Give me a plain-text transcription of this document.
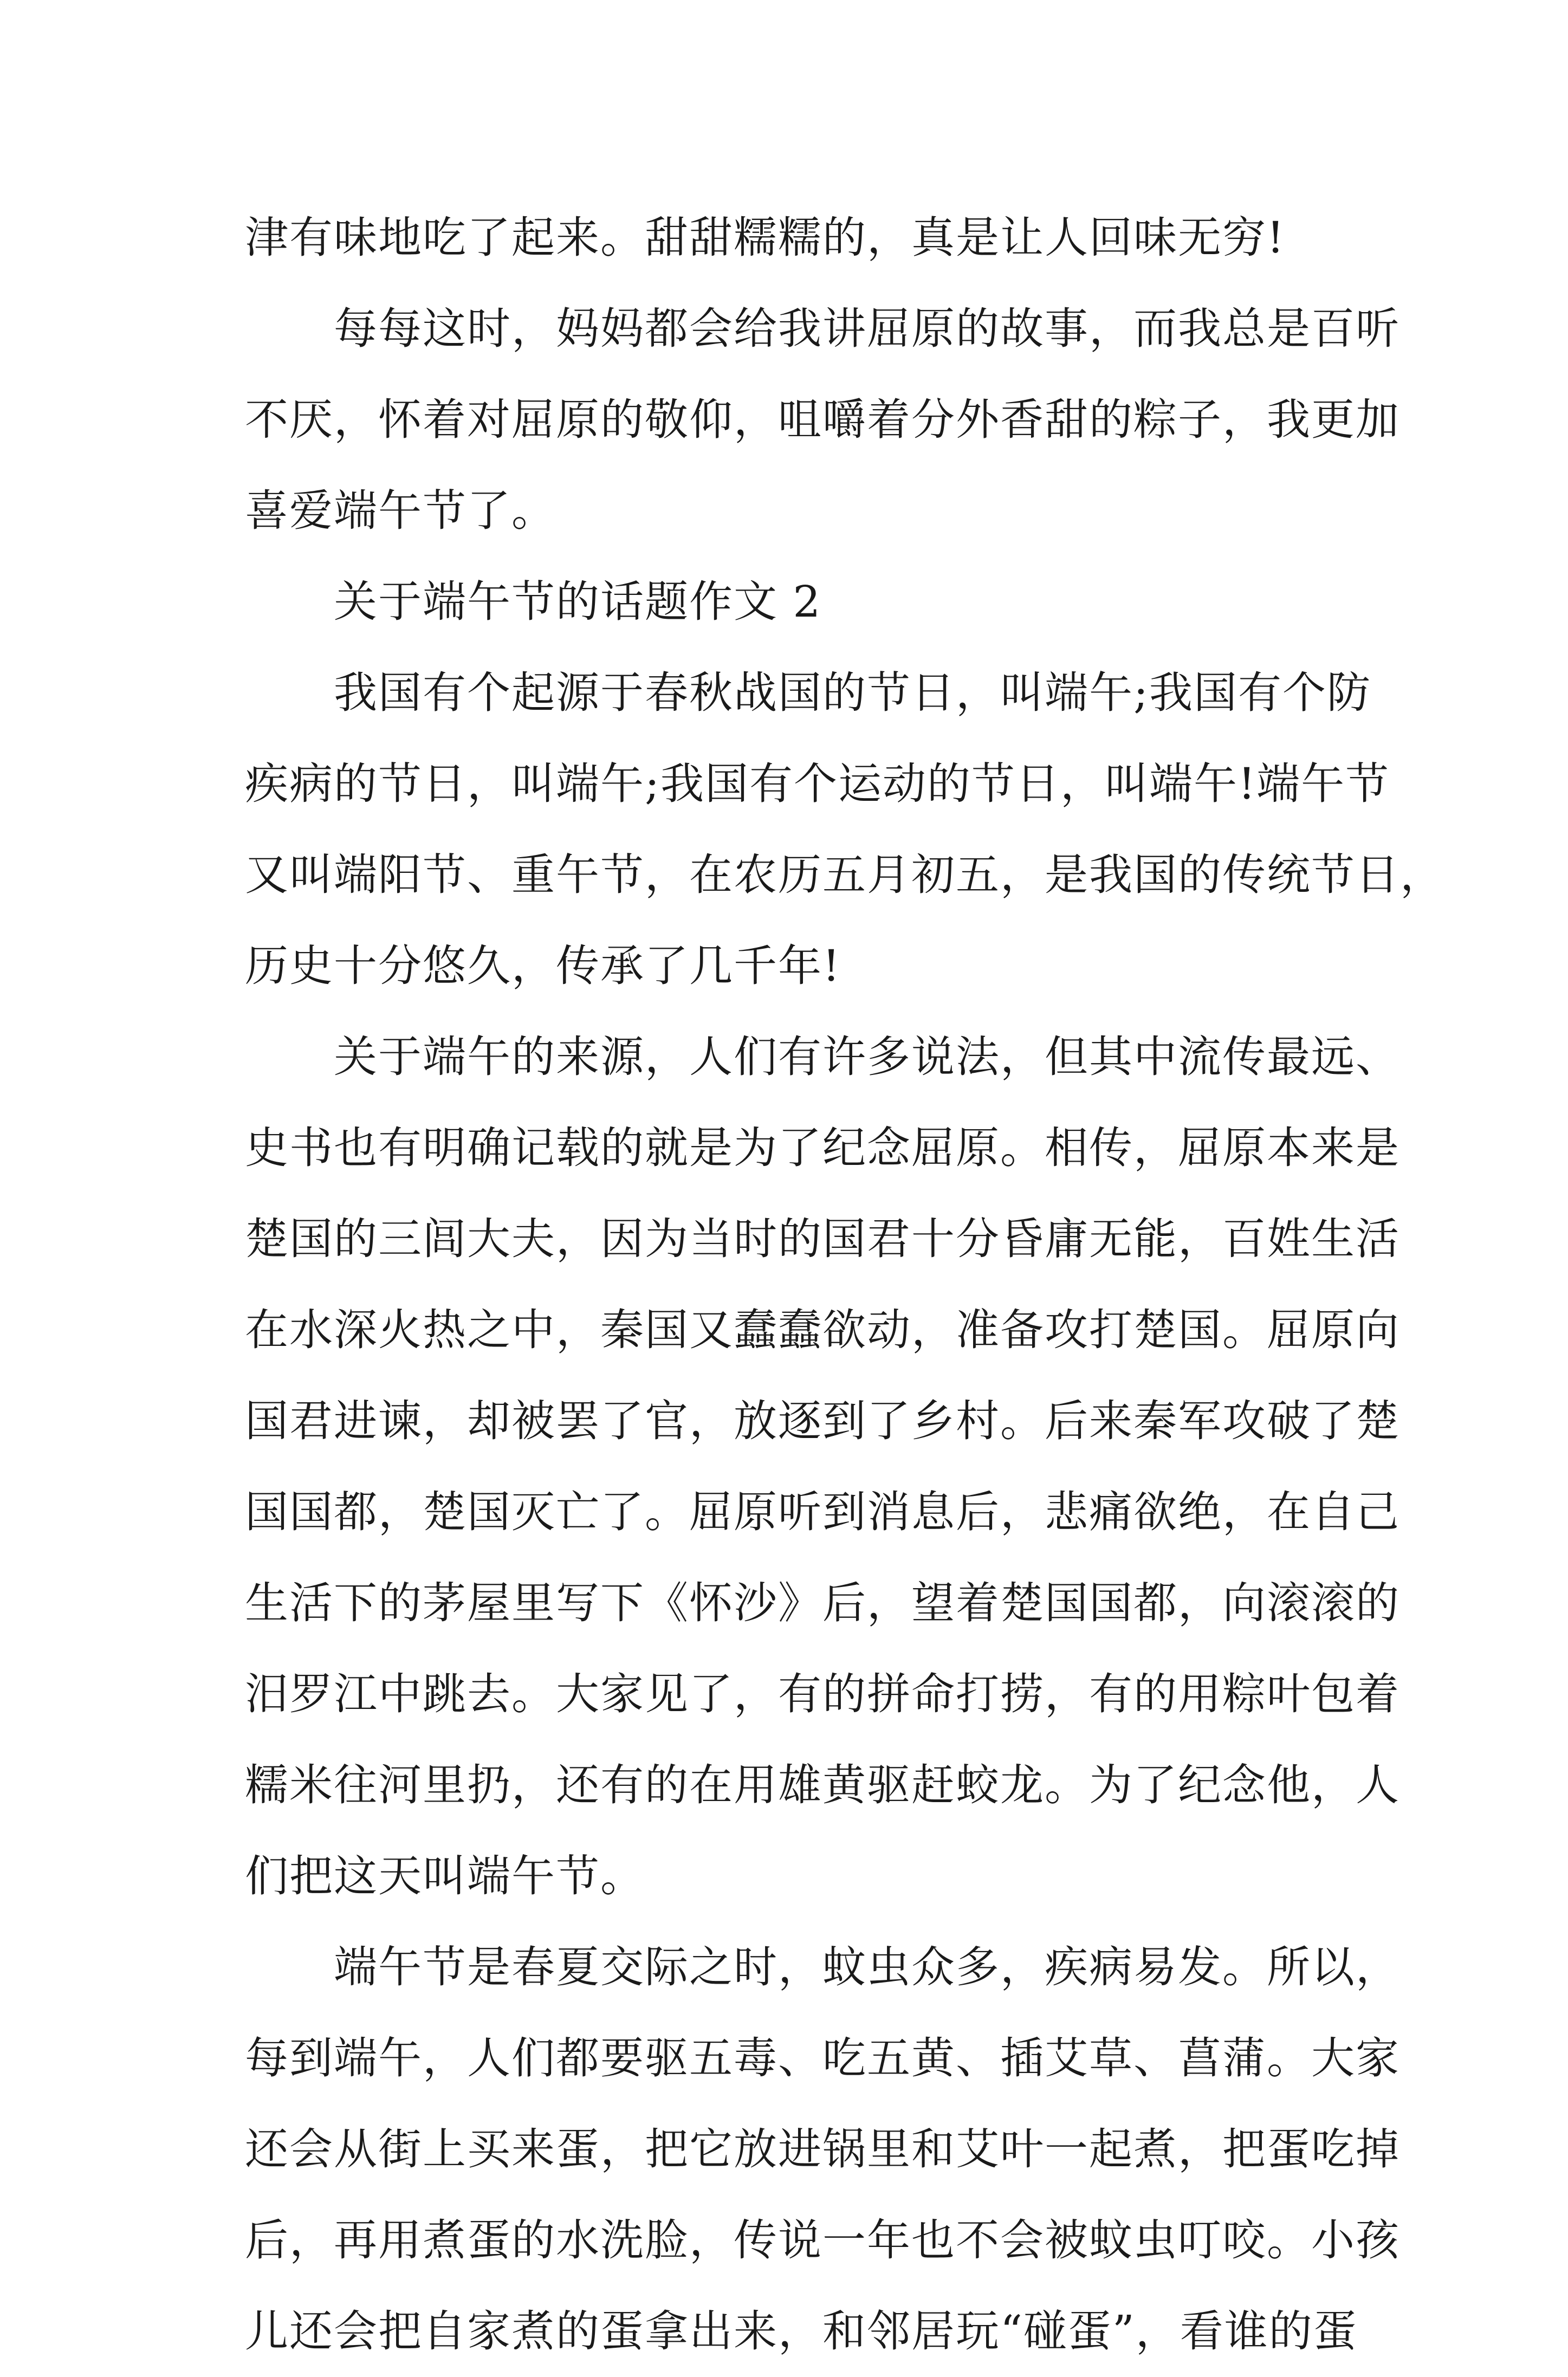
津有味地吃了起来。甜甜糯糯的，真是让人回味无穷!
每每这时，妈妈都会给我讲屈原的故事，而我总是百听
不厌，怀着对屈原的敬仰，咀嚼着分外香甜的粽子，我更加
喜爱端午节了。
关于端午节的话题作文 2
我国有个起源于春秋战国的节日，叫端午;我国有个防
疾病的节日，叫端午;我国有个运动的节日，叫端午!端午节
又叫端阳节、重午节，在农历五月初五，是我国的传统节日，
历史十分悠久，传承了几千年!
关于端午的来源，人们有许多说法，但其中流传最远、
史书也有明确记载的就是为了纪念屈原。相传，屈原本来是
楚国的三闾大夫，因为当时的国君十分昏庸无能，百姓生活
在水深火热之中，秦国又蠢蠢欲动，准备攻打楚国。屈原向
国君进谏，却被罢了官，放逐到了乡村。后来秦军攻破了楚
国国都，楚国灭亡了。屈原听到消息后，悲痛欲绝，在自己
生活下的茅屋里写下《怀沙》后，望着楚国国都，向滚滚的
汨罗江中跳去。大家见了，有的拼命打捞，有的用粽叶包着
糯米往河里扔，还有的在用雄黄驱赶蛟龙。为了纪念他，人
们把这天叫端午节。
端午节是春夏交际之时，蚊虫众多，疾病易发。所以，
每到端午，人们都要驱五毒、吃五黄、插艾草、菖蒲。大家
还会从街上买来蛋，把它放进锅里和艾叶一起煮，把蛋吃掉
后，再用煮蛋的水洗脸，传说一年也不会被蚊虫叮咬。小孩
儿还会把自家煮的蛋拿出来，和邻居玩“碰蛋”，看谁的蛋
